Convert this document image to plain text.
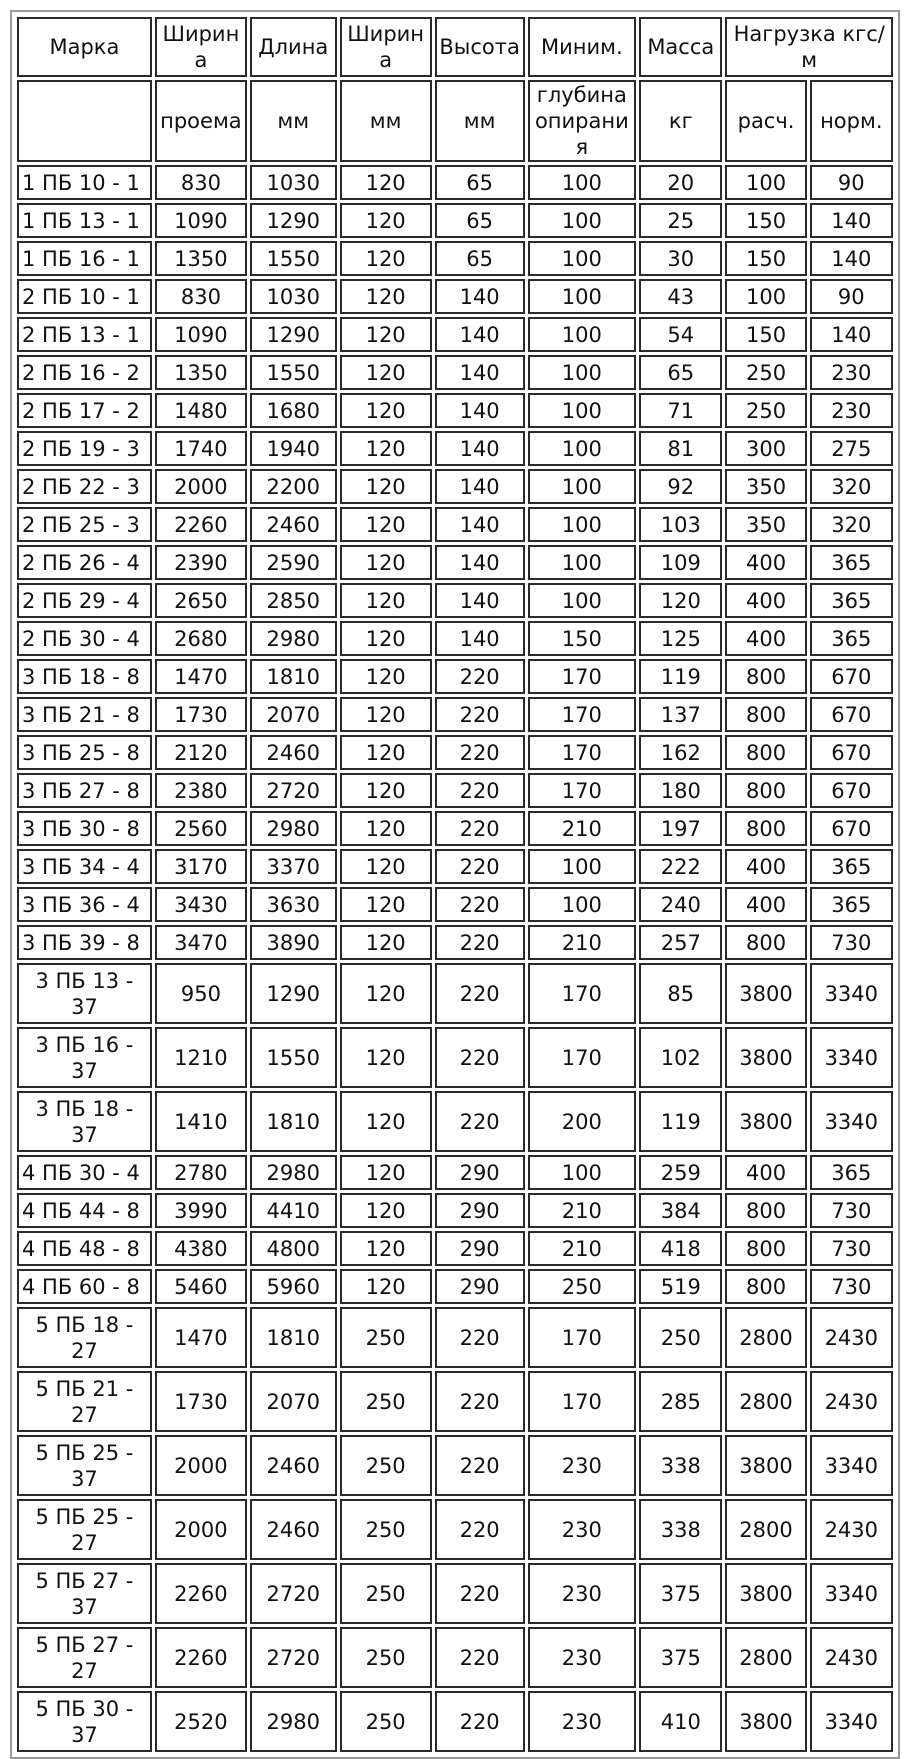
Марка	Ширина	Длина	Ширина	Высота	Миним.	Масса	Нагрузка кгс/м	
	проема	мм	мм	мм	глубина опирания	кг	расч.	норм.
1 ПБ 10 - 1	830	1030	120	65	100	20	100	90
1 ПБ 13 - 1	1090	1290	120	65	100	25	150	140
1 ПБ 16 - 1	1350	1550	120	65	100	30	150	140
2 ПБ 10 - 1	830	1030	120	140	100	43	100	90
2 ПБ 13 - 1	1090	1290	120	140	100	54	150	140
2 ПБ 16 - 2	1350	1550	120	140	100	65	250	230
2 ПБ 17 - 2	1480	1680	120	140	100	71	250	230
2 ПБ 19 - 3	1740	1940	120	140	100	81	300	275
2 ПБ 22 - 3	2000	2200	120	140	100	92	350	320
2 ПБ 25 - 3	2260	2460	120	140	100	103	350	320
2 ПБ 26 - 4	2390	2590	120	140	100	109	400	365
2 ПБ 29 - 4	2650	2850	120	140	100	120	400	365
2 ПБ 30 - 4	2680	2980	120	140	150	125	400	365
3 ПБ 18 - 8	1470	1810	120	220	170	119	800	670
3 ПБ 21 - 8	1730	2070	120	220	170	137	800	670
3 ПБ 25 - 8	2120	2460	120	220	170	162	800	670
3 ПБ 27 - 8	2380	2720	120	220	170	180	800	670
3 ПБ 30 - 8	2560	2980	120	220	210	197	800	670
3 ПБ 34 - 4	3170	3370	120	220	100	222	400	365
3 ПБ 36 - 4	3430	3630	120	220	100	240	400	365
3 ПБ 39 - 8	3470	3890	120	220	210	257	800	730
3 ПБ 13 - 37	950	1290	120	220	170	85	3800	3340
3 ПБ 16 - 37	1210	1550	120	220	170	102	3800	3340
3 ПБ 18 - 37	1410	1810	120	220	200	119	3800	3340
4 ПБ 30 - 4	2780	2980	120	290	100	259	400	365
4 ПБ 44 - 8	3990	4410	120	290	210	384	800	730
4 ПБ 48 - 8	4380	4800	120	290	210	418	800	730
4 ПБ 60 - 8	5460	5960	120	290	250	519	800	730
5 ПБ 18 - 27	1470	1810	250	220	170	250	2800	2430
5 ПБ 21 - 27	1730	2070	250	220	170	285	2800	2430
5 ПБ 25 - 37	2000	2460	250	220	230	338	3800	3340
5 ПБ 25 - 27	2000	2460	250	220	230	338	2800	2430
5 ПБ 27 - 37	2260	2720	250	220	230	375	3800	3340
5 ПБ 27 - 27	2260	2720	250	220	230	375	2800	2430
5 ПБ 30 - 37	2520	2980	250	220	230	410	3800	3340
